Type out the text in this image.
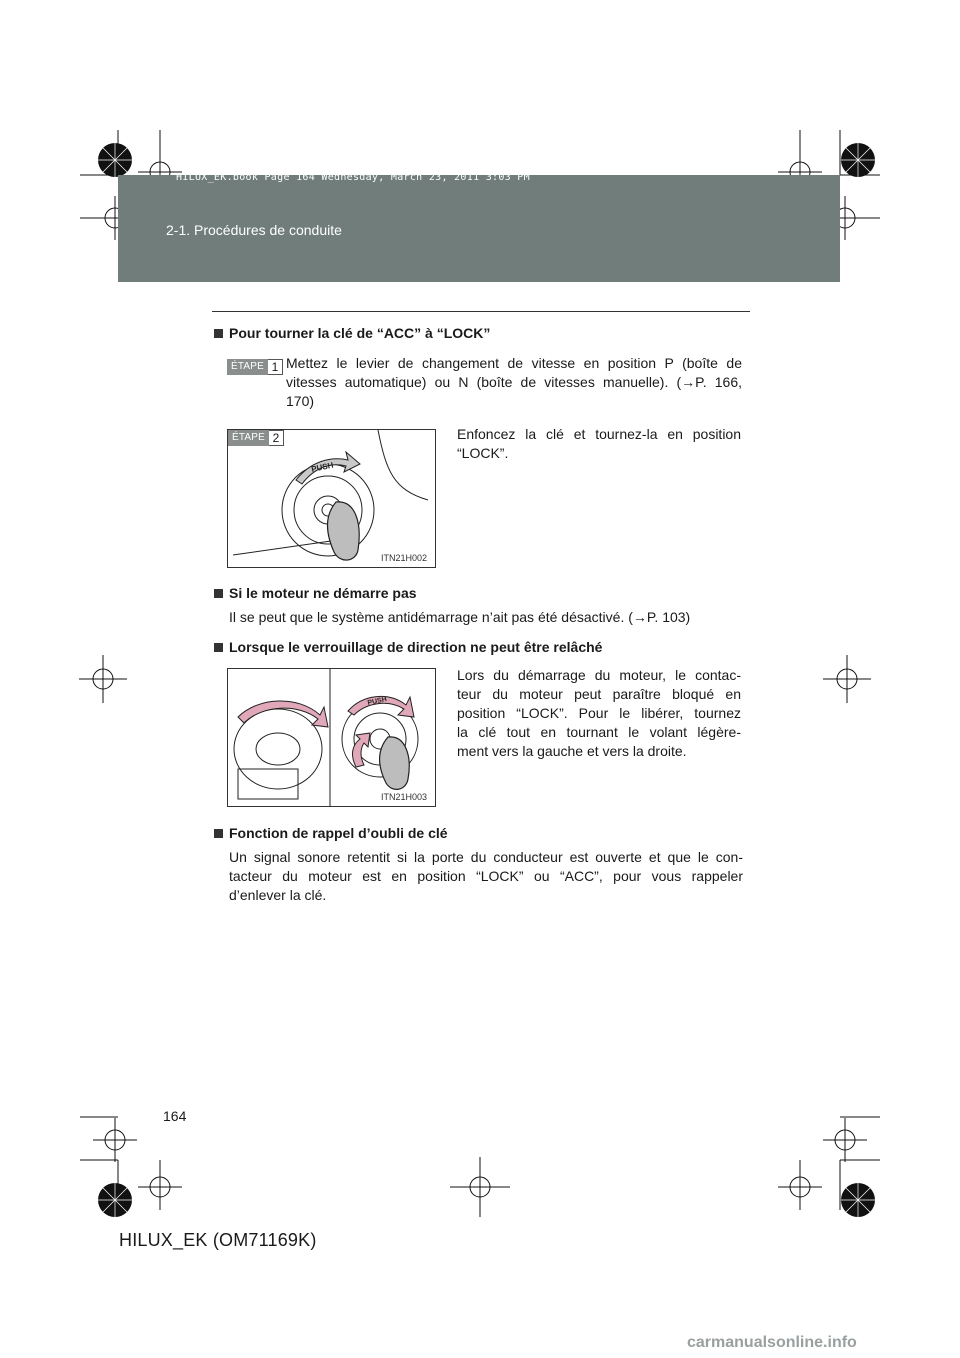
HILUX_EK.book Page 164 Wednesday, March 23, 2011 3:03 PM
2-1. Procédures de conduite
Pour tourner la clé de “ACC” à “LOCK”
ÉTAPE 1 Mettez le levier de changement de vitesse en position P (boîte de
vitesses automatique) ou N (boîte de vitesses manuelle). (→P. 166,
170)
ÉTAPE 2
PUSH
ITN21H002
Enfoncez la clé et tournez-la en position
“LOCK”.
Si le moteur ne démarre pas
Il se peut que le système antidémarrage n’ait pas été désactivé. (→P. 103)
Lorsque le verrouillage de direction ne peut être relâché
PUSH
ITN21H003
Lors du démarrage du moteur, le contac-
teur du moteur peut paraître bloqué en
position “LOCK”. Pour le libérer, tournez
la clé tout en tournant le volant légère-
ment vers la gauche et vers la droite.
Fonction de rappel d’oubli de clé
Un signal sonore retentit si la porte du conducteur est ouverte et que le con-
tacteur du moteur est en position “LOCK” ou “ACC”, pour vous rappeler
d’enlever la clé.
164
HILUX_EK (OM71169K)
carmanualsonline.info
